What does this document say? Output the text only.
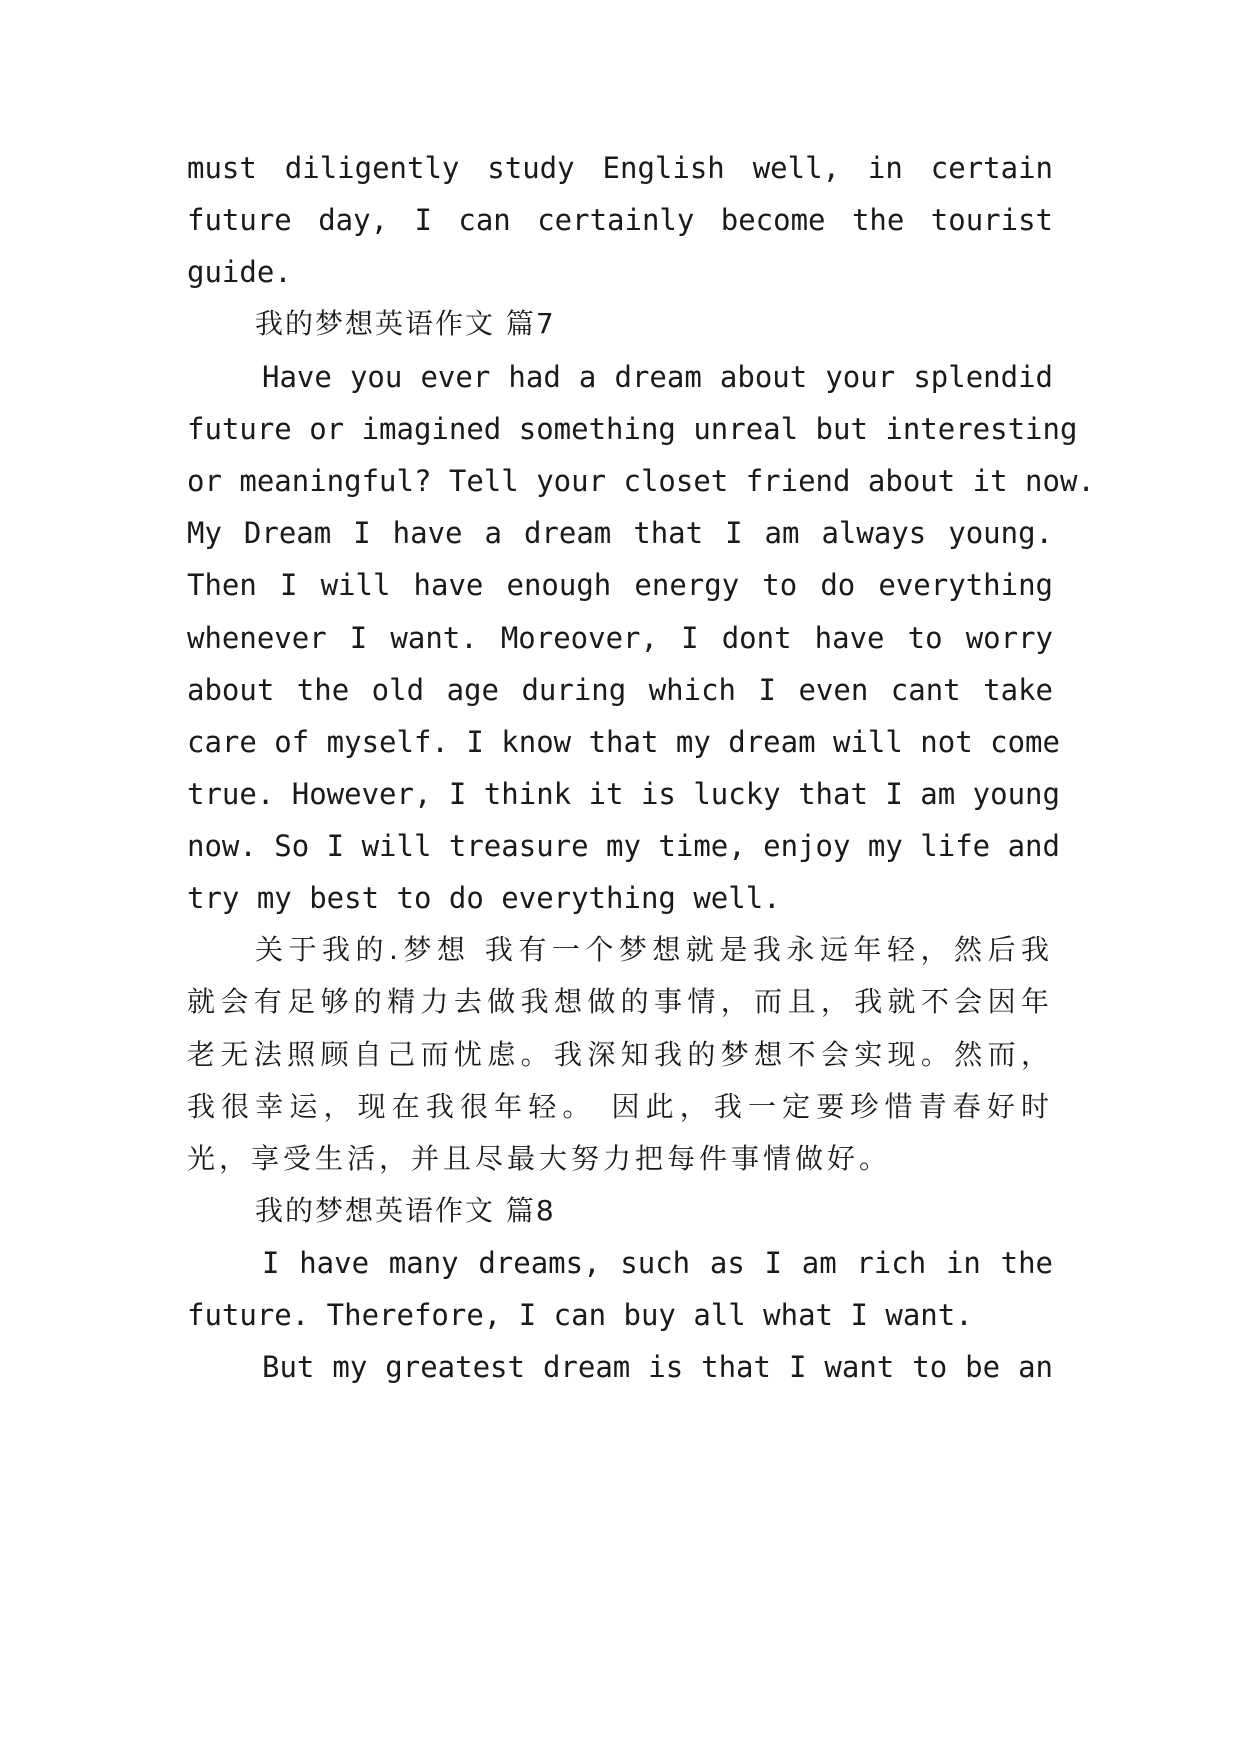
must diligently study English well, in certain
future day, I can certainly become the tourist
guide.
我的梦想英语作文 篇7
Have you ever had a dream about your splendid
future or imagined something unreal but interesting
or meaningful? Tell your closet friend about it now.
My Dream I have a dream that I am always young.
Then I will have enough energy to do everything
whenever I want. Moreover, I dont have to worry
about the old age during which I even cant take
care of myself. I know that my dream will not come
true. However, I think it is lucky that I am young
now. So I will treasure my time, enjoy my life and
try my best to do everything well.
关于我的.梦想 我有一个梦想就是我永远年轻，然后我
就会有足够的精力去做我想做的事情，而且，我就不会因年
老无法照顾自己而忧虑。我深知我的梦想不会实现。然而，
我很幸运，现在我很年轻。 因此，我一定要珍惜青春好时
光，享受生活，并且尽最大努力把每件事情做好。
我的梦想英语作文 篇8
I have many dreams, such as I am rich in the
future. Therefore, I can buy all what I want.
But my greatest dream is that I want to be an
